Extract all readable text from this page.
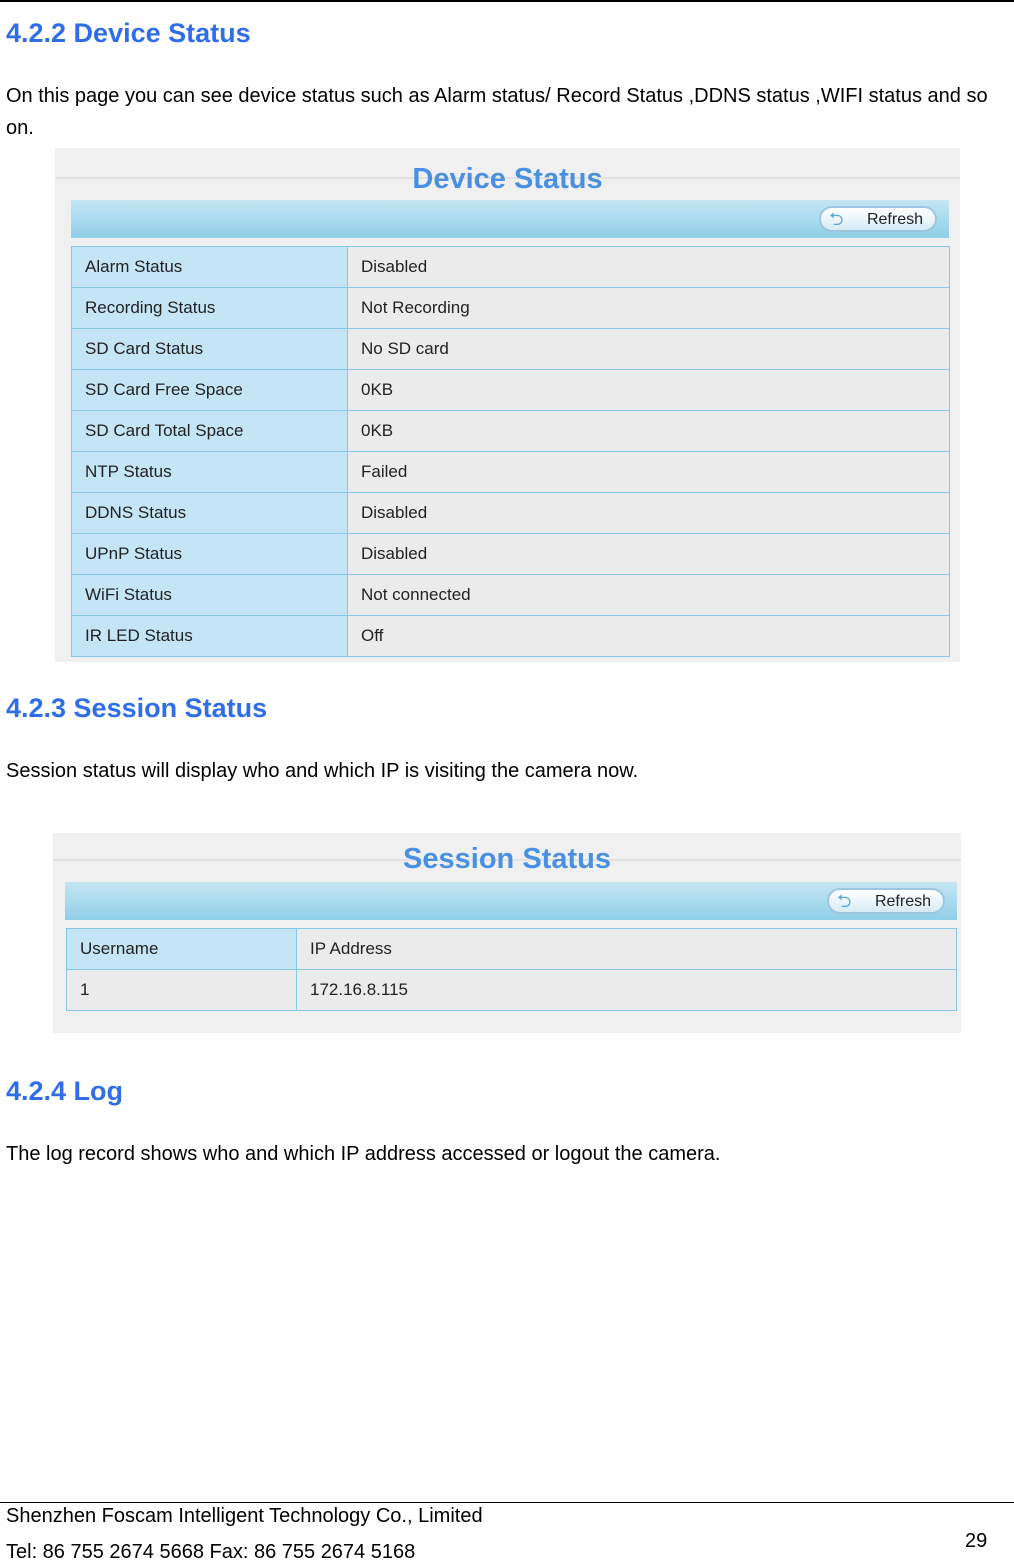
4.2.2 Device Status

On this page you can see device status such as Alarm status/ Record Status ,DDNS status ,WIFI status and so on.

Device Status
⮌ Refresh
Alarm Status	Disabled
Recording Status	Not Recording
SD Card Status	No SD card
SD Card Free Space	0KB
SD Card Total Space	0KB
NTP Status	Failed
DDNS Status	Disabled
UPnP Status	Disabled
WiFi Status	Not connected
IR LED Status	Off
4.2.3 Session Status

Session status will display who and which IP is visiting the camera now.

Session Status
⮌ Refresh
Username	IP Address
1	172.16.8.115
4.2.4 Log

The log record shows who and which IP address accessed or logout the camera.

Shenzhen Foscam Intelligent Technology Co., Limited
Tel: 86 755 2674 5668 Fax: 86 755 2674 5168	29
